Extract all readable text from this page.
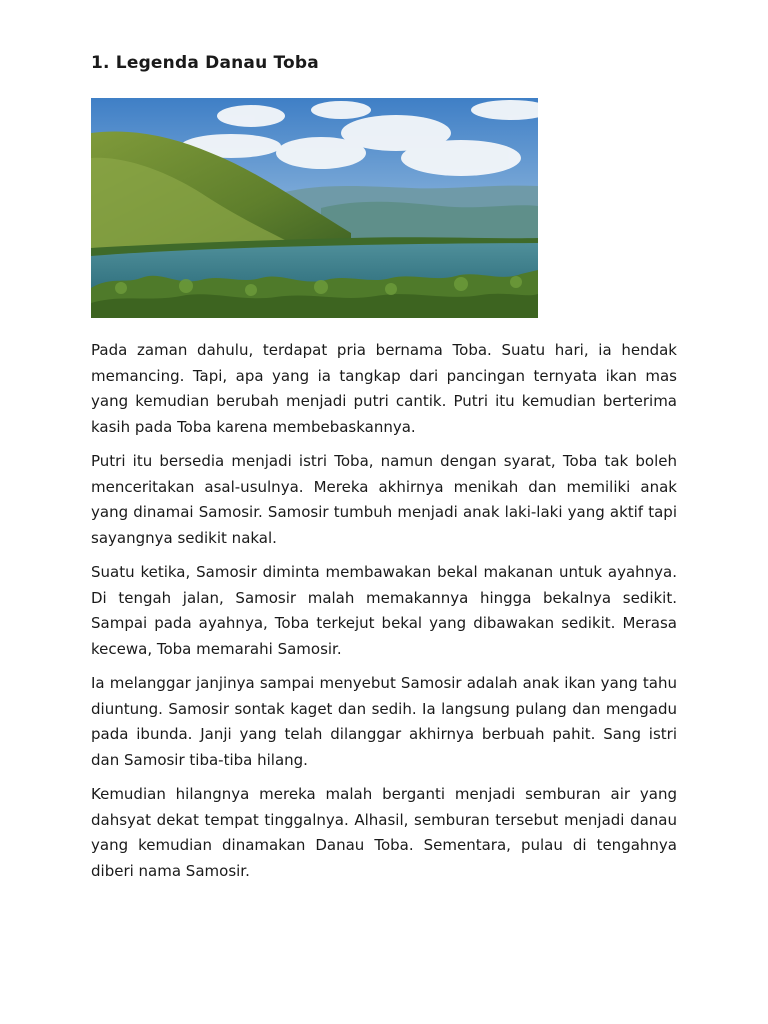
1. Legenda Danau Toba

Pada zaman dahulu, terdapat pria bernama Toba. Suatu hari, ia hendak memancing. Tapi, apa yang ia tangkap dari pancingan ternyata ikan mas yang kemudian berubah menjadi putri cantik. Putri itu kemudian berterima kasih pada Toba karena membebaskannya.

Putri itu bersedia menjadi istri Toba, namun dengan syarat, Toba tak boleh menceritakan asal-usulnya. Mereka akhirnya menikah dan memiliki anak yang dinamai Samosir. Samosir tumbuh menjadi anak laki-laki yang aktif tapi sayangnya sedikit nakal.

Suatu ketika, Samosir diminta membawakan bekal makanan untuk ayahnya. Di tengah jalan, Samosir malah memakannya hingga bekalnya sedikit. Sampai pada ayahnya, Toba terkejut bekal yang dibawakan sedikit. Merasa kecewa, Toba memarahi Samosir.

Ia melanggar janjinya sampai menyebut Samosir adalah anak ikan yang tahu diuntung. Samosir sontak kaget dan sedih. Ia langsung pulang dan mengadu pada ibunda. Janji yang telah dilanggar akhirnya berbuah pahit. Sang istri dan Samosir tiba-tiba hilang.

Kemudian hilangnya mereka malah berganti menjadi semburan air yang dahsyat dekat tempat tinggalnya. Alhasil, semburan tersebut menjadi danau yang kemudian dinamakan Danau Toba. Sementara, pulau di tengahnya diberi nama Samosir.
